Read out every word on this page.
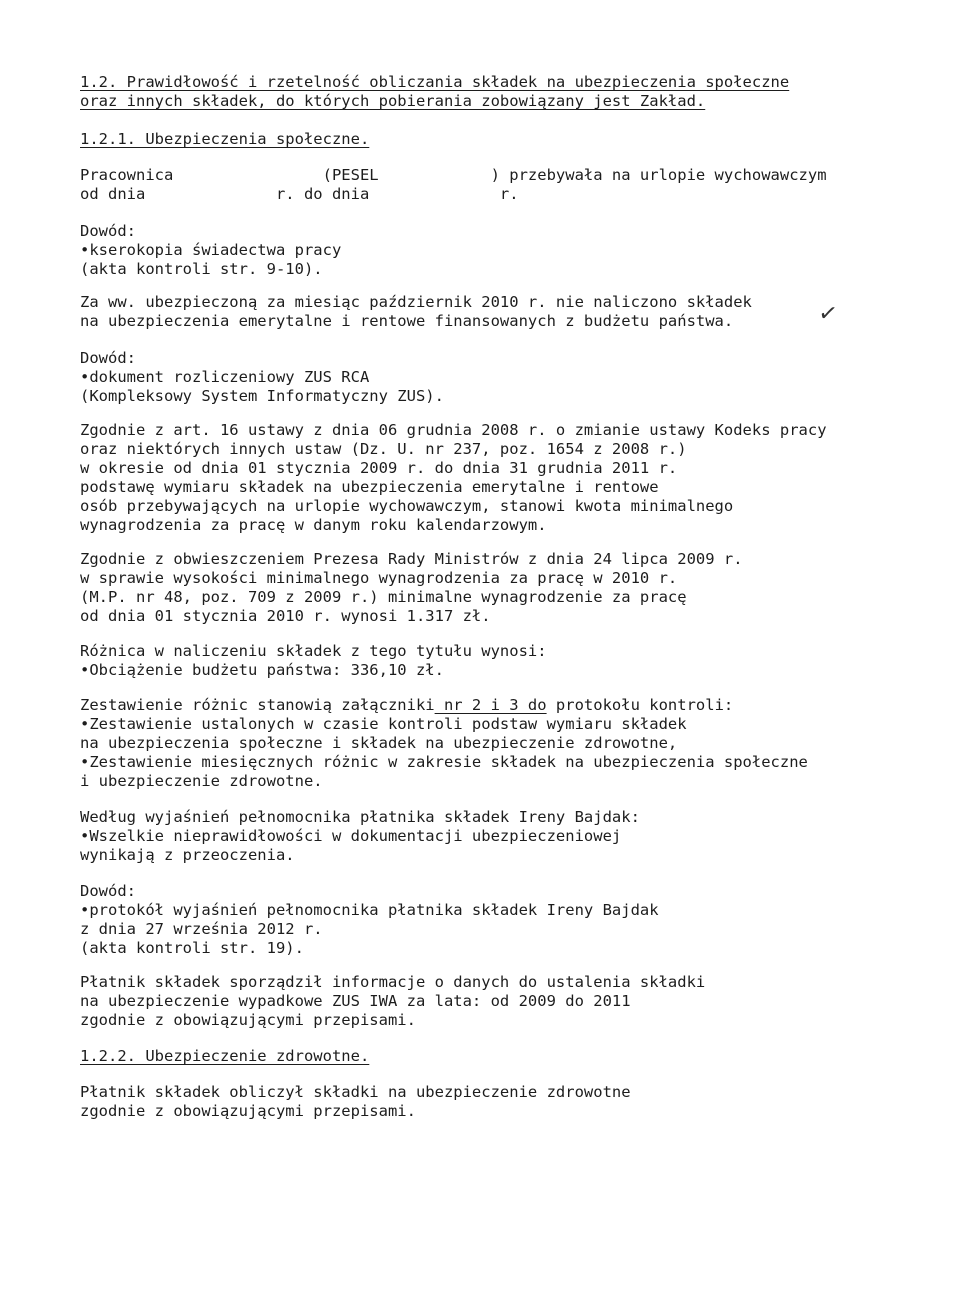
1.2. Prawidłowość i rzetelność obliczania składek na ubezpieczenia społeczne
oraz innych składek, do których pobierania zobowiązany jest Zakład.
1.2.1. Ubezpieczenia społeczne.
Pracownica                (PESEL            ) przebywała na urlopie wychowawczym
od dnia              r. do dnia              r.
Dowód:
•kserokopia świadectwa pracy
(akta kontroli str. 9-10).
Za ww. ubezpieczoną za miesiąc październik 2010 r. nie naliczono składek
na ubezpieczenia emerytalne i rentowe finansowanych z budżetu państwa.	✓
Dowód:
•dokument rozliczeniowy ZUS RCA
(Kompleksowy System Informatyczny ZUS).
Zgodnie z art. 16 ustawy z dnia 06 grudnia 2008 r. o zmianie ustawy Kodeks pracy
oraz niektórych innych ustaw (Dz. U. nr 237, poz. 1654 z 2008 r.)
w okresie od dnia 01 stycznia 2009 r. do dnia 31 grudnia 2011 r.
podstawę wymiaru składek na ubezpieczenia emerytalne i rentowe
osób przebywających na urlopie wychowawczym, stanowi kwota minimalnego
wynagrodzenia za pracę w danym roku kalendarzowym.
Zgodnie z obwieszczeniem Prezesa Rady Ministrów z dnia 24 lipca 2009 r.
w sprawie wysokości minimalnego wynagrodzenia za pracę w 2010 r.
(M.P. nr 48, poz. 709 z 2009 r.) minimalne wynagrodzenie za pracę
od dnia 01 stycznia 2010 r. wynosi 1.317 zł.
Różnica w naliczeniu składek z tego tytułu wynosi:
•Obciążenie budżetu państwa: 336,10 zł.
Zestawienie różnic stanowią załączniki nr 2 i 3 do protokołu kontroli:
•Zestawienie ustalonych w czasie kontroli podstaw wymiaru składek
na ubezpieczenia społeczne i składek na ubezpieczenie zdrowotne,
•Zestawienie miesięcznych różnic w zakresie składek na ubezpieczenia społeczne
i ubezpieczenie zdrowotne.
Według wyjaśnień pełnomocnika płatnika składek Ireny Bajdak:
•Wszelkie nieprawidłowości w dokumentacji ubezpieczeniowej
wynikają z przeoczenia.
Dowód:
•protokół wyjaśnień pełnomocnika płatnika składek Ireny Bajdak
z dnia 27 września 2012 r.
(akta kontroli str. 19).
Płatnik składek sporządził informacje o danych do ustalenia składki
na ubezpieczenie wypadkowe ZUS IWA za lata: od 2009 do 2011
zgodnie z obowiązującymi przepisami.
1.2.2. Ubezpieczenie zdrowotne.
Płatnik składek obliczył składki na ubezpieczenie zdrowotne
zgodnie z obowiązującymi przepisami.
